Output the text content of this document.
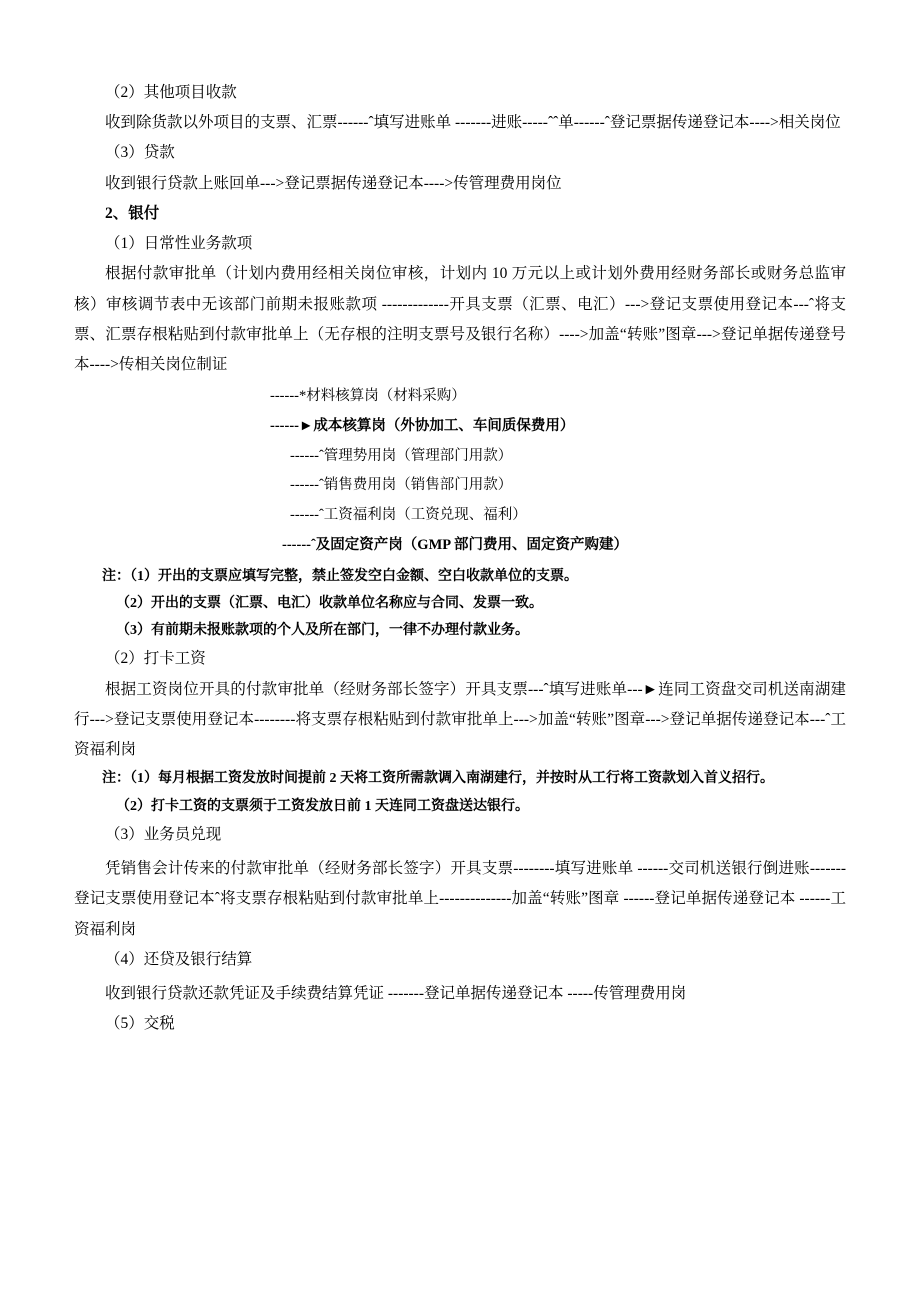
（2）其他项目收款

收到除货款以外项目的支票、汇票------ˆ填写进账单 -------进账-----ˆˆ单------ˆ登记票据传递登记本---->相关岗位

（3）贷款

收到银行贷款上账回单--->登记票据传递登记本---->传管理费用岗位

2、银付

（1）日常性业务款项

根据付款审批单（计划内费用经相关岗位审核，计划内 10 万元以上或计划外费用经财务部长或财务总监审核）审核调节表中无该部门前期未报账款项 -------------开具支票（汇票、电汇）--->登记支票使用登记本---ˆ将支票、汇票存根粘贴到付款审批单上（无存根的注明支票号及银行名称）---->加盖“转账”图章--->登记单据传递登号本---->传相关岗位制证

------*材料核算岗（材料采购）

------►成本核算岗（外协加工、车间质保费用）

------ˆ管理势用岗（管理部门用款）

------ˆ销售费用岗（销售部门用款）

------ˆ工资福利岗（工资兑现、福利）

------ˆ及固定资产岗（GMP 部门费用、固定资产购建）

注：（1）开出的支票应填写完整，禁止签发空白金额、空白收款单位的支票。

（2）开出的支票（汇票、电汇）收款单位名称应与合同、发票一致。

（3）有前期未报账款项的个人及所在部门，一律不办理付款业务。

（2）打卡工资

根据工资岗位开具的付款审批单（经财务部长签字）开具支票---ˆ填写进账单---►连同工资盘交司机送南湖建行--->登记支票使用登记本--------将支票存根粘贴到付款审批单上--->加盖“转账”图章--->登记单据传递登记本---ˆ工资福利岗

注：（1）每月根据工资发放时间提前 2 天将工资所需款调入南湖建行，并按时从工行将工资款划入首义招行。

（2）打卡工资的支票须于工资发放日前 1 天连同工资盘送达银行。

（3）业务员兑现

凭销售会计传来的付款审批单（经财务部长签字）开具支票--------填写进账单 ------交司机送银行倒进账-------登记支票使用登记本ˆ将支票存根粘贴到付款审批单上--------------加盖“转账”图章 ------登记单据传递登记本 ------工资福利岗

（4）还贷及银行结算

收到银行贷款还款凭证及手续费结算凭证 -------登记单据传递登记本 -----传管理费用岗

（5）交税
